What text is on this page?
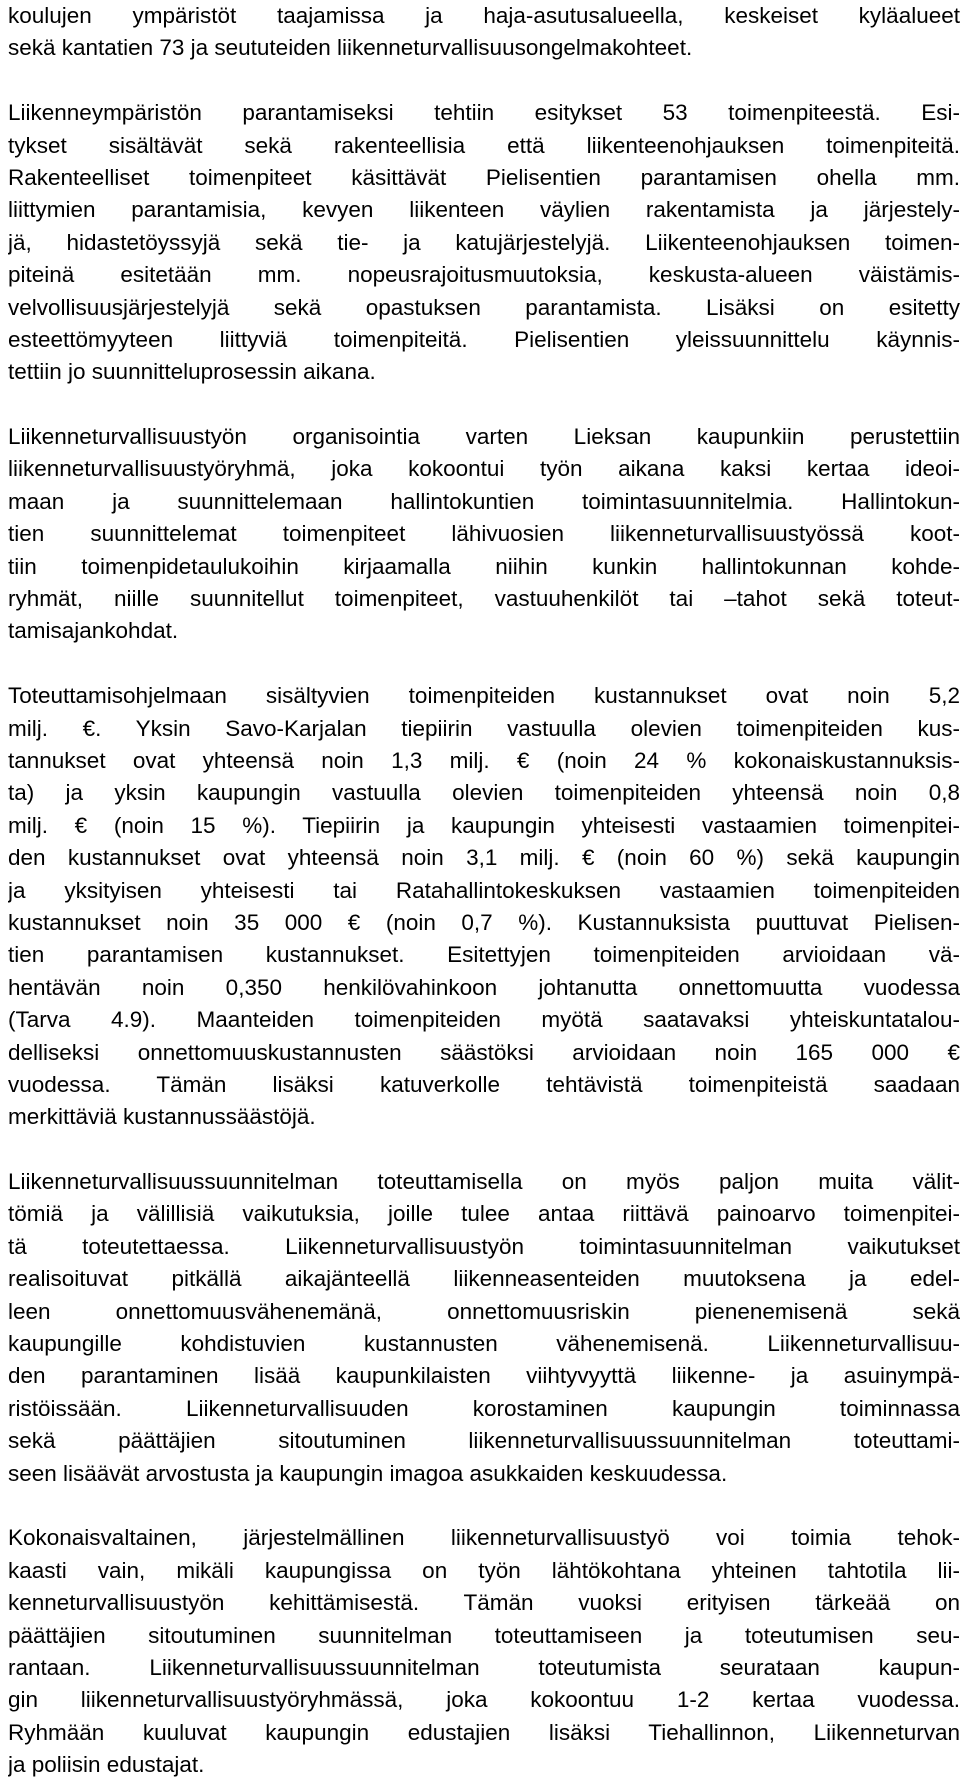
koulujen ympäristöt taajamissa ja haja-asutusalueella, keskeiset kyläalueet
sekä kantatien 73 ja seututeiden liikenneturvallisuusongelmakohteet.
Liikenneympäristön parantamiseksi tehtiin esitykset 53 toimenpiteestä. Esi-
tykset sisältävät sekä rakenteellisia että liikenteenohjauksen toimenpiteitä.
Rakenteelliset toimenpiteet käsittävät Pielisentien parantamisen ohella mm.
liittymien parantamisia, kevyen liikenteen väylien rakentamista ja järjestely-
jä, hidastetöyssyjä sekä tie- ja katujärjestelyjä. Liikenteenohjauksen toimen-
piteinä esitetään mm. nopeusrajoitusmuutoksia, keskusta-alueen väistämis-
velvollisuusjärjestelyjä sekä opastuksen parantamista. Lisäksi on esitetty
esteettömyyteen liittyviä toimenpiteitä. Pielisentien yleissuunnittelu käynnis-
tettiin jo suunnitteluprosessin aikana.
Liikenneturvallisuustyön organisointia varten Lieksan kaupunkiin perustettiin
liikenneturvallisuustyöryhmä, joka kokoontui työn aikana kaksi kertaa ideoi-
maan ja suunnittelemaan hallintokuntien toimintasuunnitelmia. Hallintokun-
tien suunnittelemat toimenpiteet lähivuosien liikenneturvallisuustyössä koot-
tiin toimenpidetaulukoihin kirjaamalla niihin kunkin hallintokunnan kohde-
ryhmät, niille suunnitellut toimenpiteet, vastuuhenkilöt tai –tahot sekä toteut-
tamisajankohdat.
Toteuttamisohjelmaan sisältyvien toimenpiteiden kustannukset ovat noin 5,2
milj. €. Yksin Savo-Karjalan tiepiirin vastuulla olevien toimenpiteiden kus-
tannukset ovat yhteensä noin 1,3 milj. € (noin 24 % kokonaiskustannuksis-
ta) ja yksin kaupungin vastuulla olevien toimenpiteiden yhteensä noin 0,8
milj. € (noin 15 %). Tiepiirin ja kaupungin yhteisesti vastaamien toimenpitei-
den kustannukset ovat yhteensä noin 3,1 milj. € (noin 60 %) sekä kaupungin
ja yksityisen yhteisesti tai Ratahallintokeskuksen vastaamien toimenpiteiden
kustannukset noin 35 000 € (noin 0,7 %). Kustannuksista puuttuvat Pielisen-
tien parantamisen kustannukset. Esitettyjen toimenpiteiden arvioidaan vä-
hentävän noin 0,350 henkilövahinkoon johtanutta onnettomuutta vuodessa
(Tarva 4.9). Maanteiden toimenpiteiden myötä saatavaksi yhteiskuntatalou-
delliseksi onnettomuuskustannusten säästöksi arvioidaan noin 165 000 €
vuodessa. Tämän lisäksi katuverkolle tehtävistä toimenpiteistä saadaan
merkittäviä kustannussäästöjä.
Liikenneturvallisuussuunnitelman toteuttamisella on myös paljon muita välit-
tömiä ja välillisiä vaikutuksia, joille tulee antaa riittävä painoarvo toimenpitei-
tä toteutettaessa. Liikenneturvallisuustyön toimintasuunnitelman vaikutukset
realisoituvat pitkällä aikajänteellä liikenneasenteiden muutoksena ja edel-
leen onnettomuusvähenemänä, onnettomuusriskin pienenemisenä sekä
kaupungille kohdistuvien kustannusten vähenemisenä. Liikenneturvallisuu-
den parantaminen lisää kaupunkilaisten viihtyvyyttä liikenne- ja asuinympä-
ristöissään. Liikenneturvallisuuden korostaminen kaupungin toiminnassa
sekä päättäjien sitoutuminen liikenneturvallisuussuunnitelman toteuttami-
seen lisäävät arvostusta ja kaupungin imagoa asukkaiden keskuudessa.
Kokonaisvaltainen, järjestelmällinen liikenneturvallisuustyö voi toimia tehok-
kaasti vain, mikäli kaupungissa on työn lähtökohtana yhteinen tahtotila lii-
kenneturvallisuustyön kehittämisestä. Tämän vuoksi erityisen tärkeää on
päättäjien sitoutuminen suunnitelman toteuttamiseen ja toteutumisen seu-
rantaan. Liikenneturvallisuussuunnitelman toteutumista seurataan kaupun-
gin liikenneturvallisuustyöryhmässä, joka kokoontuu 1-2 kertaa vuodessa.
Ryhmään kuuluvat kaupungin edustajien lisäksi Tiehallinnon, Liikenneturvan
ja poliisin edustajat.
